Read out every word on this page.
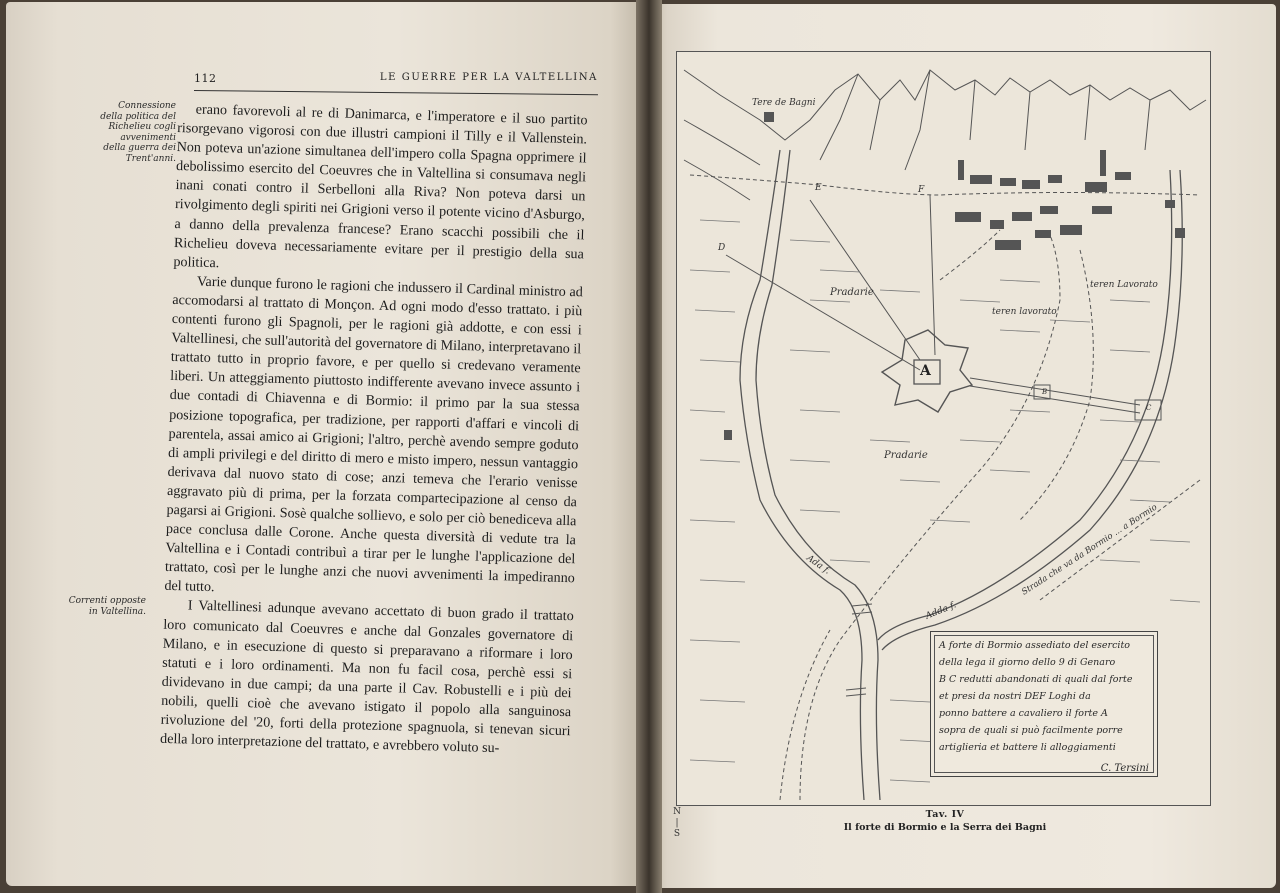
112	LE GUERRE PER LA VALTELLINA
Connessione della politica del Richelieu cogli avvenimenti della guerra dei Trent'anni.
Correnti opposte in Valtellina.

erano favorevoli al re di Danimarca, e l'imperatore e il suo partito risorgevano vigorosi con due illustri campioni il Tilly e il Vallenstein. Non poteva un'azione simultanea dell'impero colla Spagna opprimere il debolissimo esercito del Coeuvres che in Valtellina si consumava negli inani conati contro il Serbelloni alla Riva? Non poteva darsi un rivolgimento degli spiriti nei Grigioni verso il potente vicino d'Asburgo, a danno della prevalenza francese? Erano scacchi possibili che il Richelieu doveva necessariamente evitare per il prestigio della sua politica.

Varie dunque furono le ragioni che indussero il Cardinal ministro ad accomodarsi al trattato di Monçon. Ad ogni modo d'esso trattato. i più contenti furono gli Spagnoli, per le ragioni già addotte, e con essi i Valtellinesi, che sull'autorità del governatore di Milano, interpretavano il trattato tutto in proprio favore, e per quello si credevano veramente liberi. Un atteggiamento piuttosto indifferente avevano invece assunto i due contadi di Chiavenna e di Bormio: il primo par la sua stessa posizione topografica, per tradizione, per rapporti d'affari e vincoli di parentela, assai amico ai Grigioni; l'altro, perchè avendo sempre goduto di ampli privilegi e del diritto di mero e misto impero, nessun vantaggio derivava dal nuovo stato di cose; anzi temeva che l'erario venisse aggravato più di prima, per la forzata compartecipazione al censo da pagarsi ai Grigioni. Sosè qualche sollievo, e solo per ciò benediceva alla pace conclusa dalle Corone. Anche questa diversità di vedute tra la Valtellina e i Contadi contribuì a tirar per le lunghe l'applicazione del trattato, così per le lunghe anzi che nuovi avvenimenti la impediranno del tutto.

I Valtellinesi adunque avevano accettato di buon grado il trattato loro comunicato dal Coeuvres e anche dal Gonzales governatore di Milano, e in esecuzione di questo si preparavano a riformare i loro statuti e i loro ordinamenti. Ma non fu facil cosa, perchè essi si dividevano in due campi; da una parte il Cav. Robustelli e i più dei nobili, quelli cioè che avevano istigato il popolo alla sanguinosa rivoluzione del '20, forti della protezione spagnuola, si tenevan sicuri della loro interpretazione del trattato, e avrebbero voluto su-

Tere de Bagni
Pradarie
Pradarie
teren Lavorato
teren lavorato
A
Ada f.
Adda f.
Strada che va da Bormio ... a Bormio
D
E	F
B
C
A forte di Bormio assediato del esercito
della lega il giorno dello 9 di Genaro
B C redutti abandonati di quali dal forte
et presi da nostri DEF Loghi da
ponno battere a cavaliero il forte A
sopra de quali si può facilmente porre
artiglieria et battere li alloggiamenti
C. Tersini
N
|
S
Tav. IV
Il forte di Bormio e la Serra dei Bagni
